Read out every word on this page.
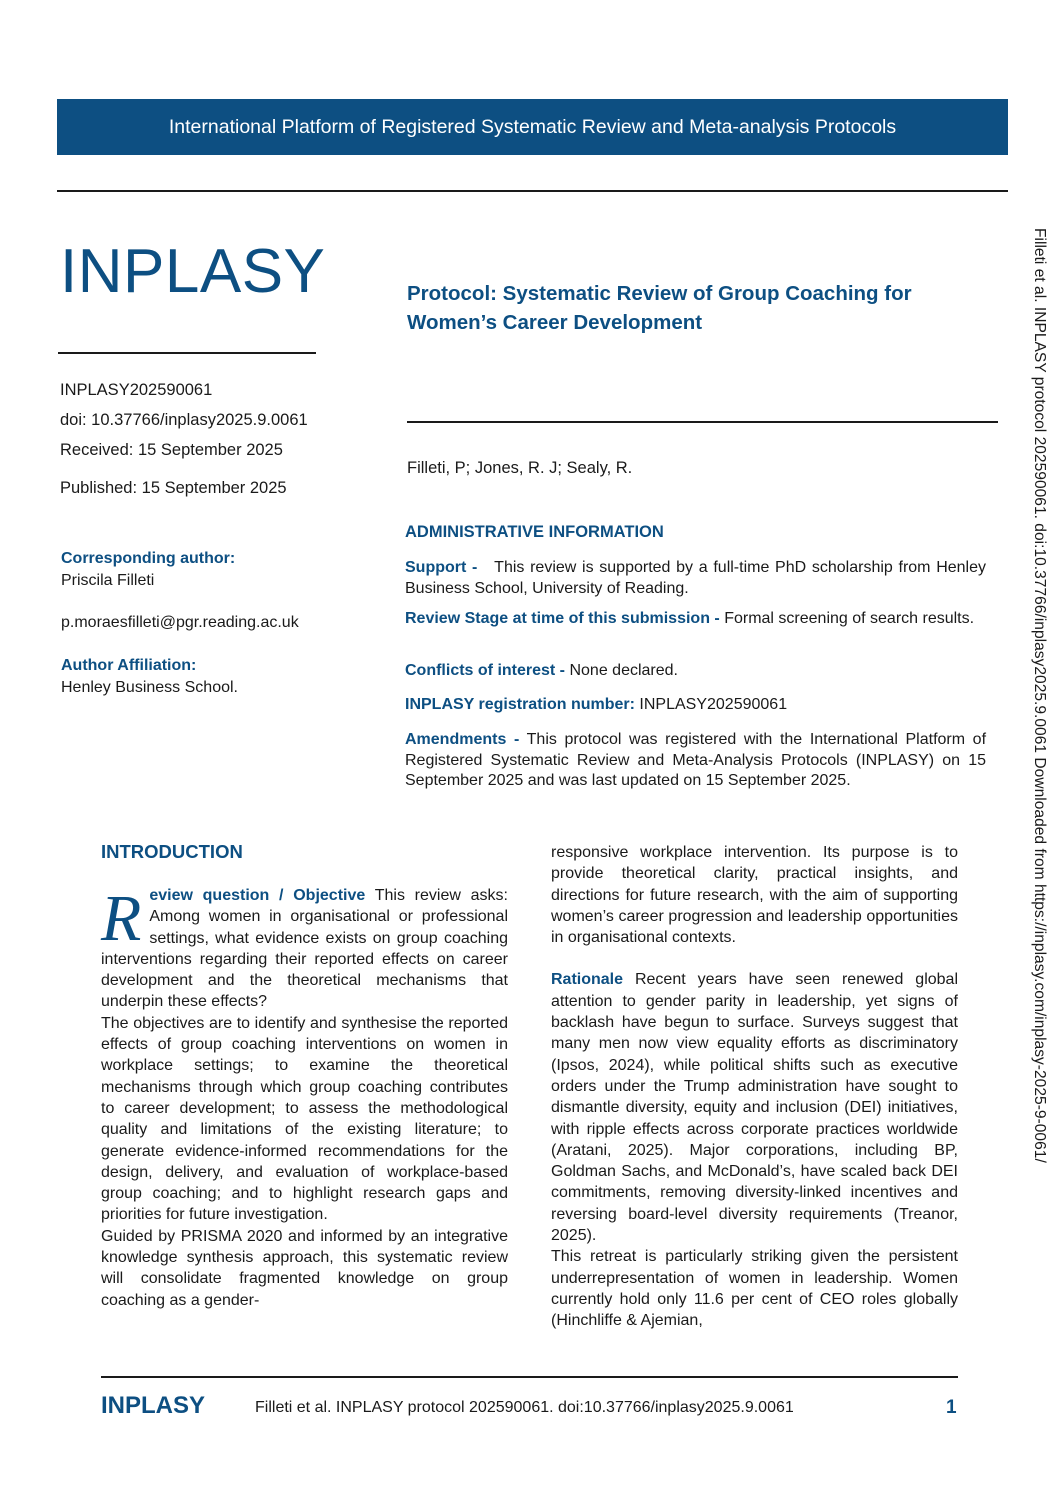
International Platform of Registered Systematic Review and Meta-analysis Protocols
INPLASY	Protocol: Systematic Review of Group Coaching for Women’s Career Development
INPLASY202590061
doi: 10.37766/inplasy2025.9.0061
Received: 15 September 2025
Published: 15 September 2025
Corresponding author:
Priscila Filleti
p.moraesfilleti@pgr.reading.ac.uk
Author Affiliation:
Henley Business School.
Filleti, P; Jones, R. J; Sealy, R.
ADMINISTRATIVE INFORMATION
Support - This review is supported by a full-time PhD scholarship from Henley Business School, University of Reading.
Review Stage at time of this submission - Formal screening of search results.
Conflicts of interest - None declared.
INPLASY registration number: INPLASY202590061
Amendments - This protocol was registered with the International Platform of Registered Systematic Review and Meta-Analysis Protocols (INPLASY) on 15 September 2025 and was last updated on 15 September 2025.
INTRODUCTION

R eview question / Objective This review asks: Among women in organisational or professional settings, what evidence exists on group coaching interventions regarding their reported effects on career development and the theoretical mechanisms that underpin these effects?

The objectives are to identify and synthesise the reported effects of group coaching interventions on women in workplace settings; to examine the theoretical mechanisms through which group coaching contributes to career development; to assess the methodological quality and limitations of the existing literature; to generate evidence-informed recommendations for the design, delivery, and evaluation of workplace-based group coaching; and to highlight research gaps and priorities for future investigation.

Guided by PRISMA 2020 and informed by an integrative knowledge synthesis approach, this systematic review will consolidate fragmented knowledge on group coaching as a gender-

responsive workplace intervention. Its purpose is to provide theoretical clarity, practical insights, and directions for future research, with the aim of supporting women’s career progression and leadership opportunities in organisational contexts.

Rationale Recent years have seen renewed global attention to gender parity in leadership, yet signs of backlash have begun to surface. Surveys suggest that many men now view equality efforts as discriminatory (Ipsos, 2024), while political shifts such as executive orders under the Trump administration have sought to dismantle diversity, equity and inclusion (DEI) initiatives, with ripple effects across corporate practices worldwide (Aratani, 2025). Major corporations, including BP, Goldman Sachs, and McDonald’s, have scaled back DEI commitments, removing diversity-linked incentives and reversing board-level diversity requirements (Treanor, 2025).

This retreat is particularly striking given the persistent underrepresentation of women in leadership. Women currently hold only 11.6 per cent of CEO roles globally (Hinchliffe & Ajemian,

Filleti et al. INPLASY protocol 202590061. doi:10.37766/inplasy2025.9.0061 Downloaded from https://inplasy.com/inplasy-2025-9-0061/
INPLASY	Filleti et al. INPLASY protocol 202590061. doi:10.37766/inplasy2025.9.0061	1
